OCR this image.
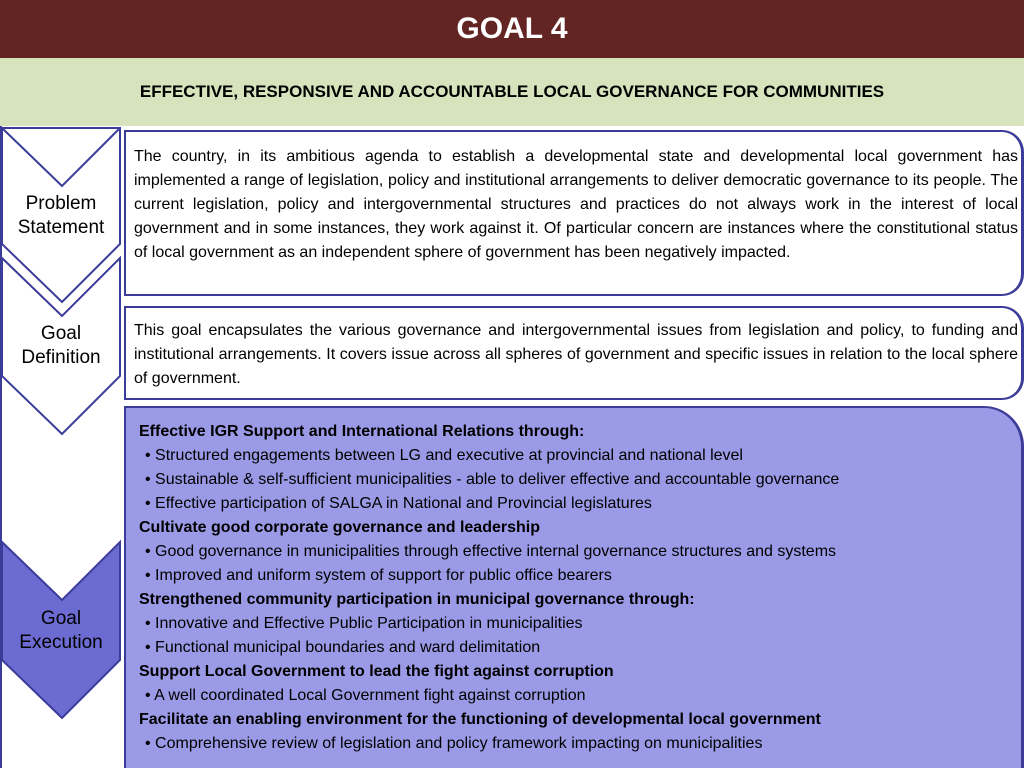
GOAL 4
EFFECTIVE, RESPONSIVE AND ACCOUNTABLE LOCAL GOVERNANCE FOR COMMUNITIES
Problem
Statement
Goal
Definition
Goal
Execution
The country, in its ambitious agenda to establish a developmental state and developmental local government has implemented a range of legislation, policy and institutional arrangements to deliver democratic governance to its people. The current legislation, policy and intergovernmental structures and practices do not always work in the interest of local government and in some instances, they work against it. Of particular concern are instances where the constitutional status of local government as an independent sphere of government has been negatively impacted.
This goal encapsulates the various governance and intergovernmental issues from legislation and policy, to funding and institutional arrangements. It covers issue across all spheres of government and specific issues in relation to the local sphere of government.
Effective IGR Support and International Relations through:
• Structured engagements between LG and executive at provincial and national level
• Sustainable & self-sufficient municipalities - able to deliver effective and accountable governance
• Effective participation of SALGA in National and Provincial legislatures
Cultivate good corporate governance and leadership
• Good governance in municipalities through effective internal governance structures and systems
• Improved and uniform system of support for public office bearers
Strengthened community participation in municipal governance through:
• Innovative and Effective Public Participation in municipalities
• Functional municipal boundaries and ward delimitation
Support Local Government to lead the fight against corruption
• A well coordinated Local Government fight against corruption
Facilitate an enabling environment for the functioning of developmental local government
• Comprehensive review of legislation and policy framework impacting on municipalities
